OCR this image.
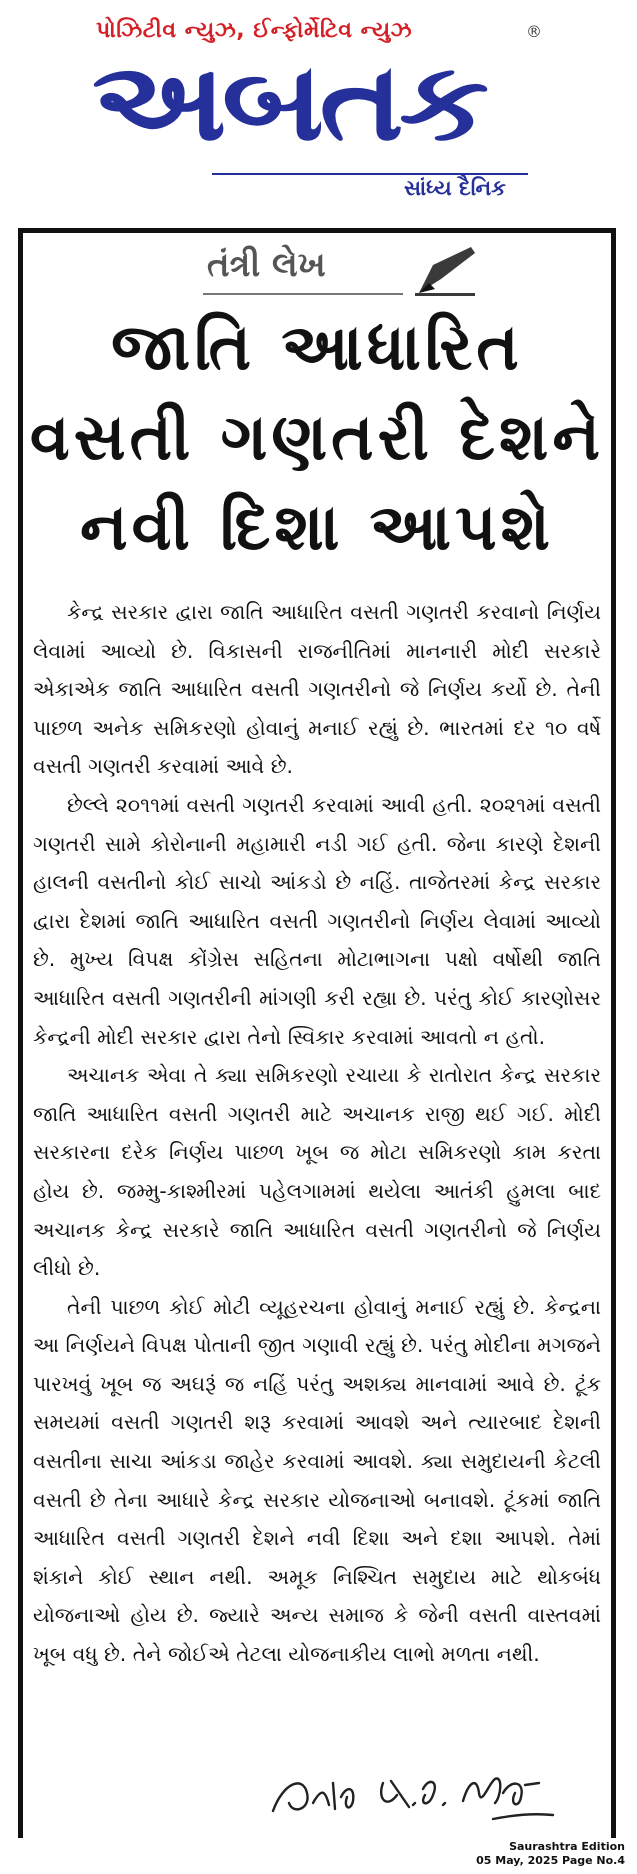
પોઝિટીવ ન્યુઝ, ઈન્ફોર્મેટિવ ન્યુઝ
અબતક
®
સાંધ્ય દૈનિક
તંત્રી લેખ
જાતિ આધારિત
વસતી ગણતરી દેશને
નવી દિશા આપશે

કેન્દ્ર સરકાર દ્વારા જાતિ આધારિત વસતી ગણતરી કરવાનો નિર્ણય લેવામાં આવ્યો છે. વિકાસની રાજનીતિમાં માનનારી મોદી સરકારે એકાએક જાતિ આધારિત વસતી ગણતરીનો જે નિર્ણય કર્યો છે. તેની પાછળ અનેક સમિકરણો હોવાનું મનાઈ રહ્યું છે. ભારતમાં દર ૧૦ વર્ષે વસતી ગણતરી કરવામાં આવે છે.

છેલ્લે ૨૦૧૧માં વસતી ગણતરી કરવામાં આવી હતી. ૨૦૨૧માં વસતી ગણતરી સામે કોરોનાની મહામારી નડી ગઈ હતી. જેના કારણે દેશની હાલની વસતીનો કોઈ સાચો આંકડો છે નહિં. તાજેતરમાં કેન્દ્ર સરકાર દ્વારા દેશમાં જાતિ આધારિત વસતી ગણતરીનો નિર્ણય લેવામાં આવ્યો છે. મુખ્ય વિપક્ષ કોંગ્રેસ સહિતના મોટાભાગના પક્ષો વર્ષોથી જાતિ આધારિત વસતી ગણતરીની માંગણી કરી રહ્યા છે. પરંતુ કોઈ કારણોસર કેન્દ્રની મોદી સરકાર દ્વારા તેનો સ્વિકાર કરવામાં આવતો ન હતો.

અચાનક એવા તે ક્યા સમિકરણો રચાયા કે રાતોરાત કેન્દ્ર સરકાર જાતિ આધારિત વસતી ગણતરી માટે અચાનક રાજી થઈ ગઈ. મોદી સરકારના દરેક નિર્ણય પાછળ ખૂબ જ મોટા સમિકરણો કામ કરતા હોય છે. જમ્મુ-કાશ્મીરમાં પહેલગામમાં થયેલા આતંકી હુમલા બાદ અચાનક કેન્દ્ર સરકારે જાતિ આધારિત વસતી ગણતરીનો જે નિર્ણય લીધો છે.

તેની પાછળ કોઈ મોટી વ્યૂહરચના હોવાનું મનાઈ રહ્યું છે. કેન્દ્રના આ નિર્ણયને વિપક્ષ પોતાની જીત ગણાવી રહ્યું છે. પરંતુ મોદીના મગજને પારખવું ખૂબ જ અઘરૂં જ નહિં પરંતુ અશક્ય માનવામાં આવે છે. ટૂંક સમયમાં વસતી ગણતરી શરૂ કરવામાં આવશે અને ત્યારબાદ દેશની વસતીના સાચા આંકડા જાહેર કરવામાં આવશે. ક્યા સમુદાયની કેટલી વસતી છે તેના આધારે કેન્દ્ર સરકાર યોજનાઓ બનાવશે. ટૂંકમાં જાતિ આધારિત વસતી ગણતરી દેશને નવી દિશા અને દશા આપશે. તેમાં શંકાને કોઈ સ્થાન નથી. અમૂક નિશ્ચિત સમુદાય માટે થોકબંધ યોજનાઓ હોય છે. જ્યારે અન્ય સમાજ કે જેની વસતી વાસ્તવમાં ખૂબ વધુ છે. તેને જોઈએ તેટલા યોજનાકીય લાભો મળતા નથી.

Saurashtra Edition
05 May, 2025 Page No.4
